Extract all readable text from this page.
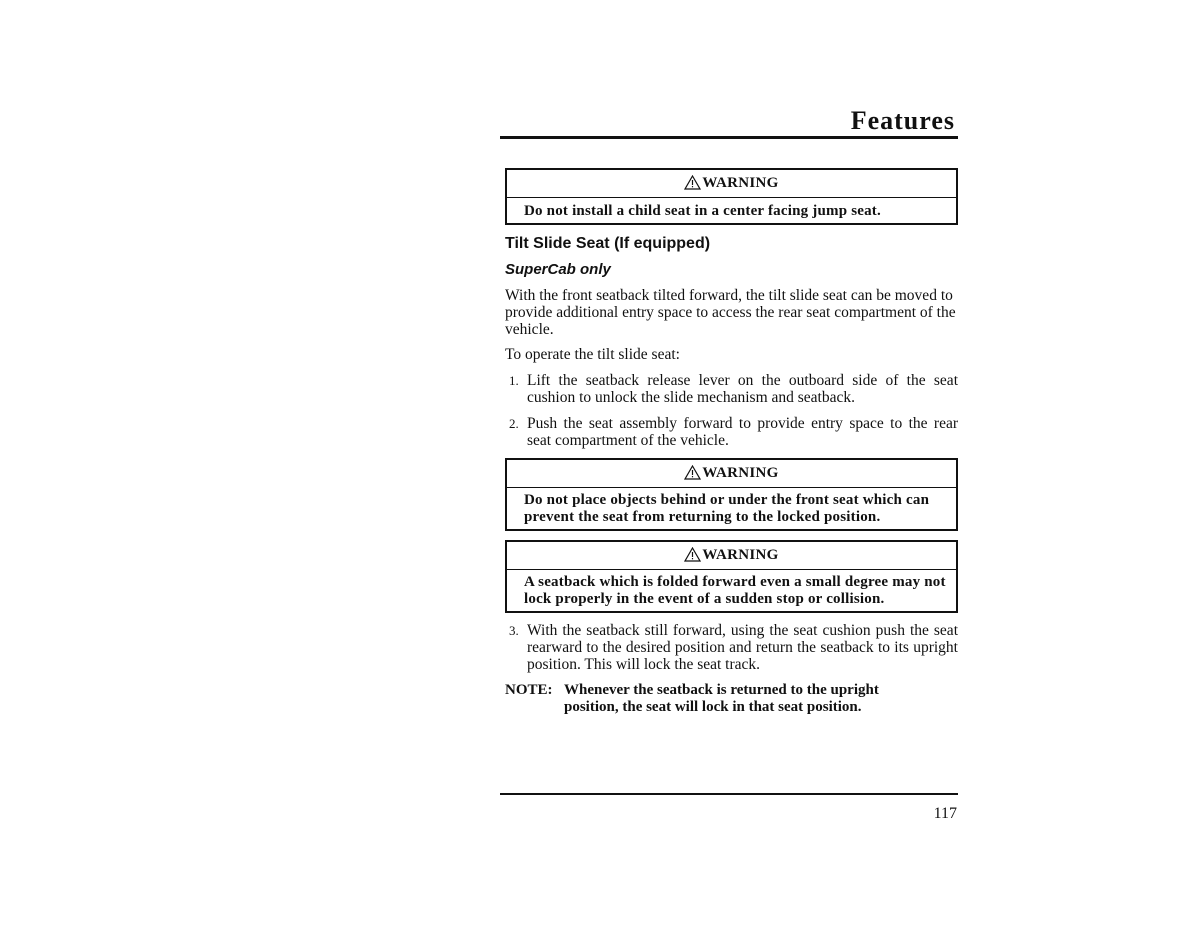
Features
WARNING
Do not install a child seat in a center facing jump seat.
Tilt Slide Seat (If equipped)
SuperCab only
With the front seatback tilted forward, the tilt slide seat can be moved to provide additional entry space to access the rear seat compartment of the vehicle.
To operate the tilt slide seat:
1. Lift the seatback release lever on the outboard side of the seat cushion to unlock the slide mechanism and seatback.
2. Push the seat assembly forward to provide entry space to the rear seat compartment of the vehicle.
WARNING
Do not place objects behind or under the front seat which can prevent the seat from returning to the locked position.
WARNING
A seatback which is folded forward even a small degree may not lock properly in the event of a sudden stop or collision.
3. With the seatback still forward, using the seat cushion push the seat rearward to the desired position and return the seatback to its upright position. This will lock the seat track.
NOTE: Whenever the seatback is returned to the upright position, the seat will lock in that seat position.
117
